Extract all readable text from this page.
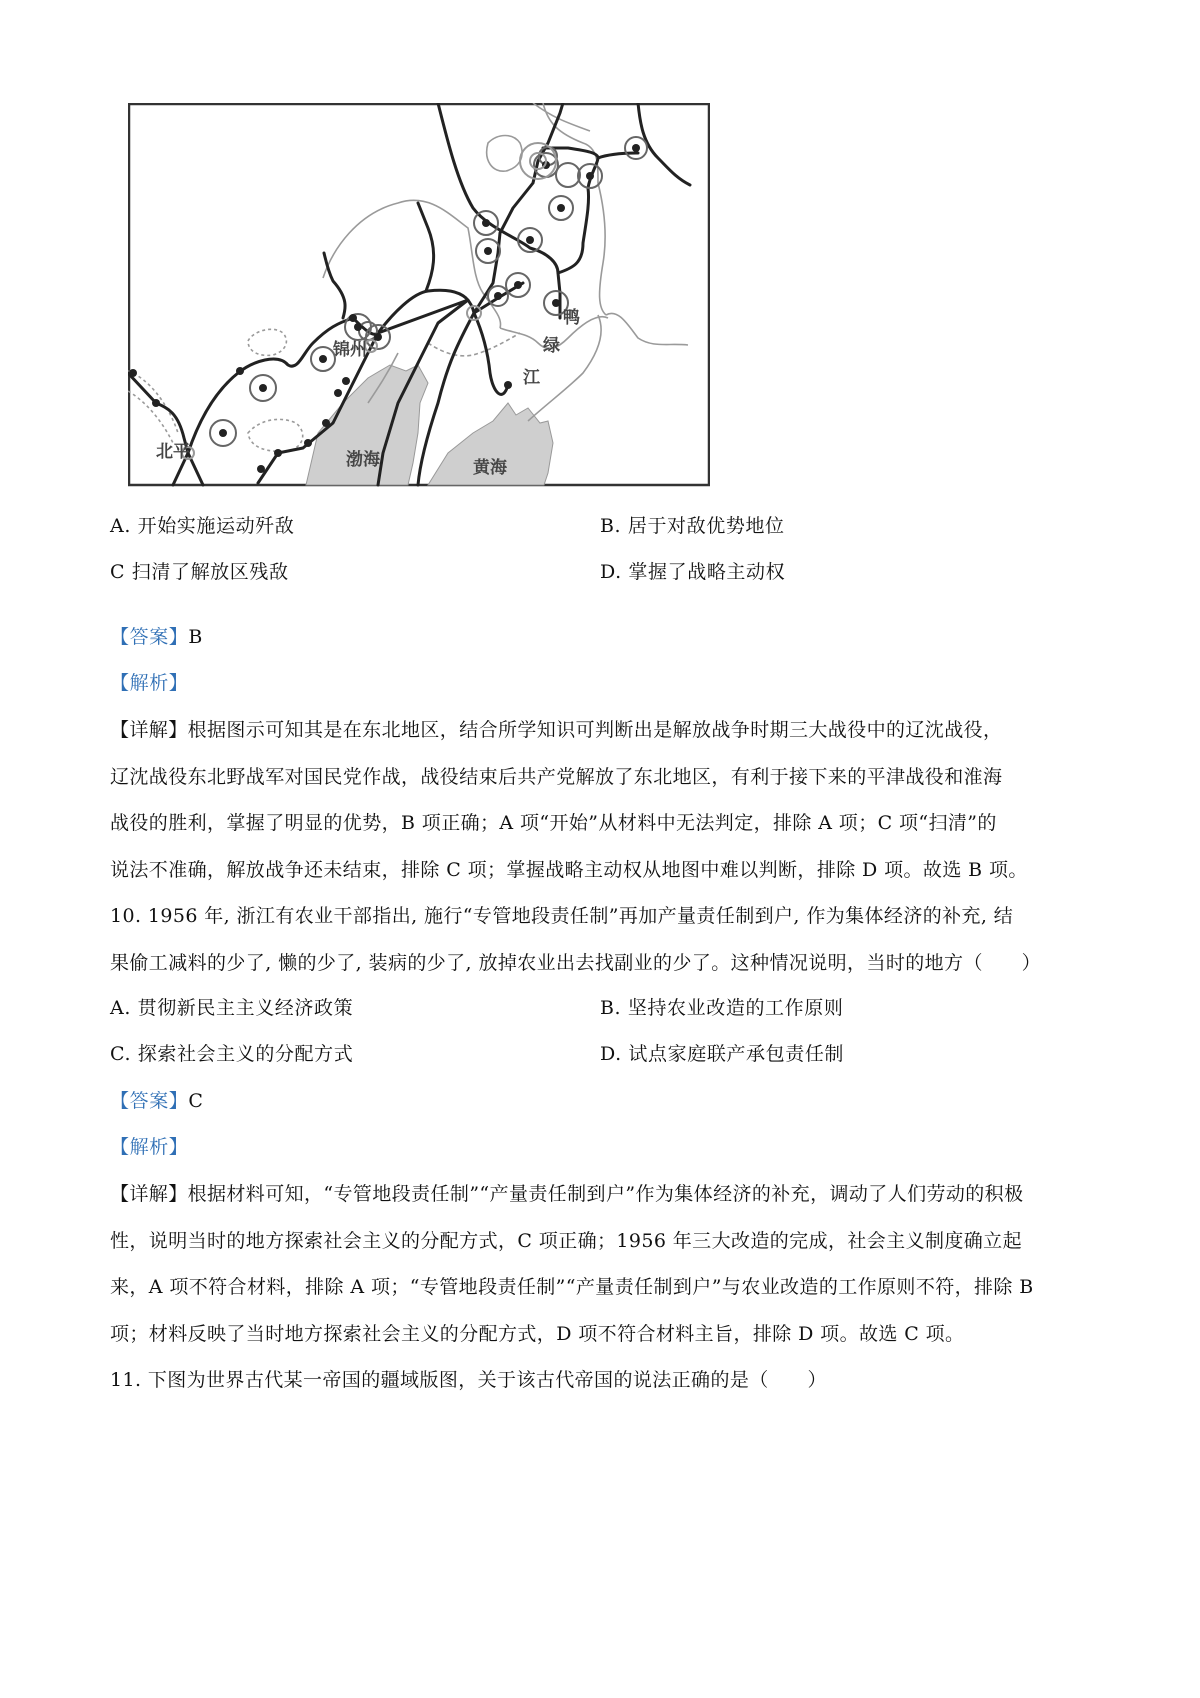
锦州
北平	渤海	黄海
鸭
绿
江
A. 开始实施运动歼敌	B. 居于对敌优势地位
C 扫清了解放区残敌	D. 掌握了战略主动权
【答案】B
【解析】
【详解】根据图示可知其是在东北地区，结合所学知识可判断出是解放战争时期三大战役中的辽沈战役，
辽沈战役东北野战军对国民党作战，战役结束后共产党解放了东北地区，有利于接下来的平津战役和淮海
战役的胜利，掌握了明显的优势，B 项正确；A 项“开始”从材料中无法判定，排除 A 项；C 项“扫清”的
说法不准确，解放战争还未结束，排除 C 项；掌握战略主动权从地图中难以判断，排除 D 项。故选 B 项。
10. 1956 年, 浙江有农业干部指出, 施行“专管地段责任制”再加产量责任制到户, 作为集体经济的补充, 结
果偷工减料的少了, 懒的少了, 装病的少了, 放掉农业出去找副业的少了。这种情况说明，当时的地方（　　）
A. 贯彻新民主主义经济政策	B. 坚持农业改造的工作原则
C. 探索社会主义的分配方式	D. 试点家庭联产承包责任制
【答案】C
【解析】
【详解】根据材料可知，“专管地段责任制”“产量责任制到户”作为集体经济的补充，调动了人们劳动的积极
性，说明当时的地方探索社会主义的分配方式，C 项正确；1956 年三大改造的完成，社会主义制度确立起
来，A 项不符合材料，排除 A 项；“专管地段责任制”“产量责任制到户”与农业改造的工作原则不符，排除 B
项；材料反映了当时地方探索社会主义的分配方式，D 项不符合材料主旨，排除 D 项。故选 C 项。
11. 下图为世界古代某一帝国的疆域版图，关于该古代帝国的说法正确的是（　　）
